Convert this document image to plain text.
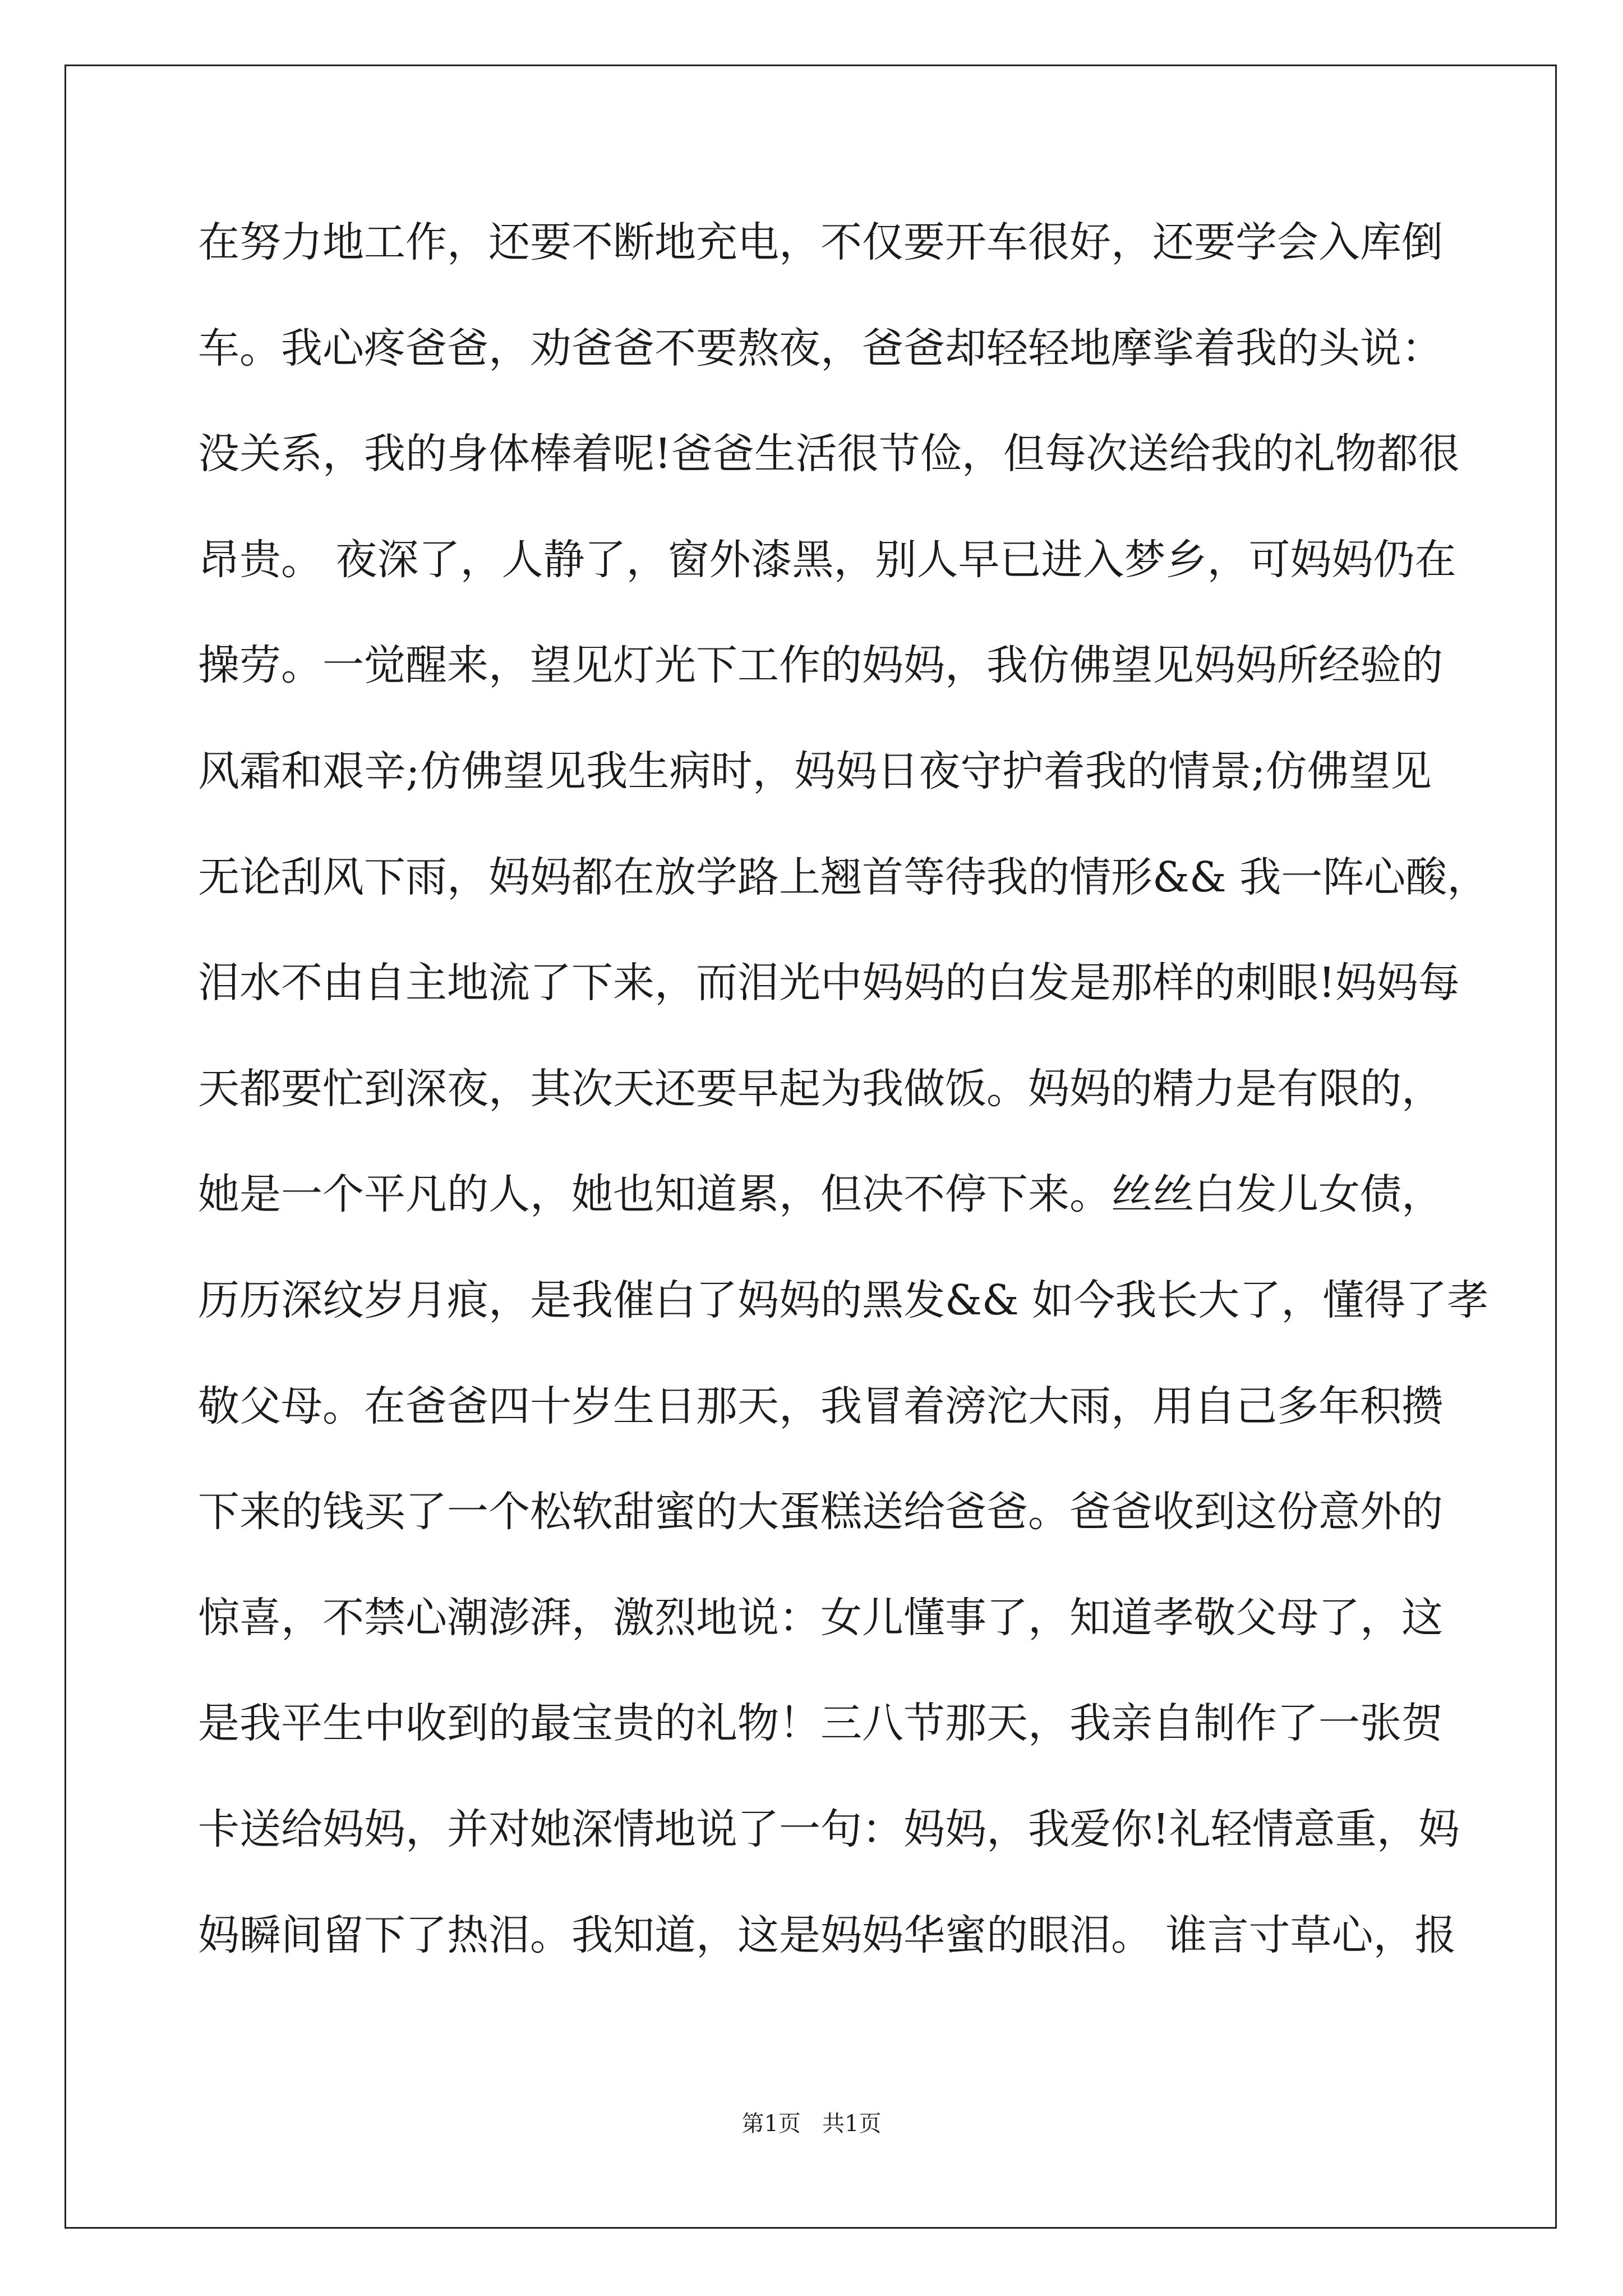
在努力地工作，还要不断地充电，不仅要开车很好，还要学会入库倒
车。我心疼爸爸，劝爸爸不要熬夜，爸爸却轻轻地摩挲着我的头说：
没关系，我的身体棒着呢!爸爸生活很节俭，但每次送给我的礼物都很
昂贵。 夜深了，人静了，窗外漆黑，别人早已进入梦乡，可妈妈仍在
操劳。一觉醒来，望见灯光下工作的妈妈，我仿佛望见妈妈所经验的
风霜和艰辛;仿佛望见我生病时，妈妈日夜守护着我的情景;仿佛望见
无论刮风下雨，妈妈都在放学路上翘首等待我的情形&& 我一阵心酸，
泪水不由自主地流了下来，而泪光中妈妈的白发是那样的刺眼!妈妈每
天都要忙到深夜，其次天还要早起为我做饭。妈妈的精力是有限的，
她是一个平凡的人，她也知道累，但决不停下来。丝丝白发儿女债，
历历深纹岁月痕，是我催白了妈妈的黑发&& 如今我长大了，懂得了孝
敬父母。在爸爸四十岁生日那天，我冒着滂沱大雨，用自己多年积攒
下来的钱买了一个松软甜蜜的大蛋糕送给爸爸。爸爸收到这份意外的
惊喜，不禁心潮澎湃，激烈地说：女儿懂事了，知道孝敬父母了，这
是我平生中收到的最宝贵的礼物！三八节那天，我亲自制作了一张贺
卡送给妈妈，并对她深情地说了一句：妈妈，我爱你!礼轻情意重，妈
妈瞬间留下了热泪。我知道，这是妈妈华蜜的眼泪。 谁言寸草心，报
第1页   共1页
